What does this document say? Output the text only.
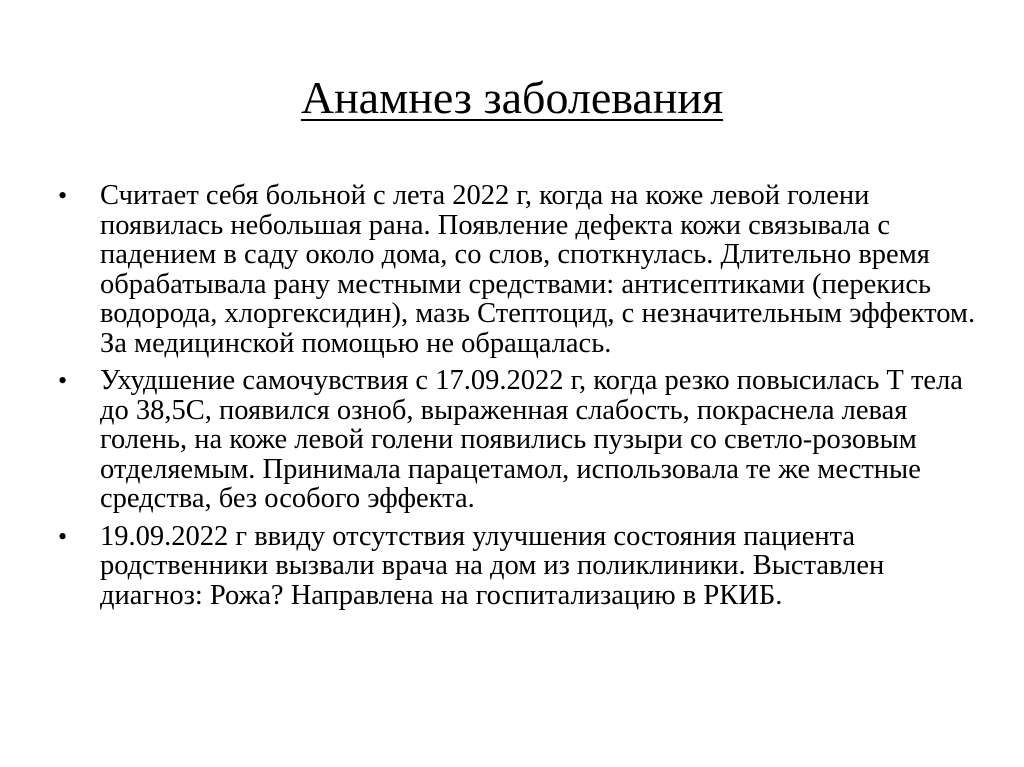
Анамнез заболевания
•	Считает себя больной с лета 2022 г, когда на коже левой голени появилась небольшая рана. Появление дефекта кожи связывала с падением в саду около дома, со слов, споткнулась. Длительно время обрабатывала рану местными средствами: антисептиками (перекись водорода, хлоргексидин), мазь Стептоцид, с незначительным эффектом. За медицинской помощью не обращалась.
•	Ухудшение самочувствия с 17.09.2022 г, когда резко повысилась Т тела до 38,5С, появился озноб, выраженная слабость, покраснела левая голень, на коже левой голени появились пузыри со светло-розовым отделяемым. Принимала парацетамол, использовала те же местные средства, без особого эффекта.
•	19.09.2022 г ввиду отсутствия улучшения состояния пациента родственники вызвали врача на дом из поликлиники. Выставлен диагноз: Рожа? Направлена на госпитализацию в РКИБ.
